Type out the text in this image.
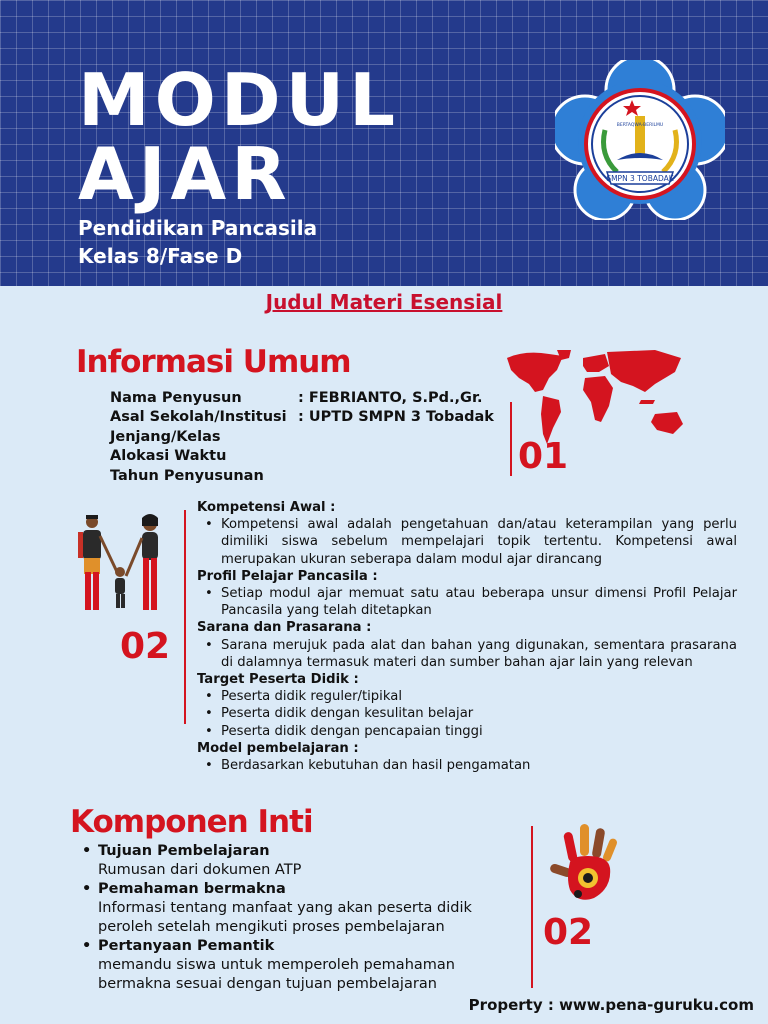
MODUL
AJAR
Pendidikan Pancasila
Kelas 8/Fase D
SMPN 3 TOBADAK
BERTAQWA·BERILMU
Judul Materi Esensial
Informasi Umum
Nama Penyusun	: FEBRIANTO, S.Pd.,Gr.
Asal Sekolah/Institusi : UPTD SMPN 3 Tobadak
Jenjang/Kelas
Alokasi Waktu
Tahun Penyusunan	01
02
Kompetensi Awal :
• Kompetensi awal adalah pengetahuan dan/atau keterampilan yang perlu dimiliki siswa sebelum mempelajari topik tertentu. Kompetensi awal merupakan ukuran seberapa dalam modul ajar dirancang
Profil Pelajar Pancasila :
• Setiap modul ajar memuat satu atau beberapa unsur dimensi Profil Pelajar Pancasila yang telah ditetapkan
Sarana dan Prasarana :
• Sarana merujuk pada alat dan bahan yang digunakan, sementara prasarana di dalamnya termasuk materi dan sumber bahan ajar lain yang relevan
Target Peserta Didik :
• Peserta didik reguler/tipikal
• Peserta didik dengan kesulitan belajar
• Peserta didik dengan pencapaian tinggi
Model pembelajaran :
• Berdasarkan kebutuhan dan hasil pengamatan
Komponen Inti
• Tujuan Pembelajaran
Rumusan dari dokumen ATP
• Pemahaman bermakna
Informasi tentang manfaat yang akan peserta didik peroleh setelah mengikuti proses pembelajaran
• Pertanyaan Pemantik
memandu siswa untuk memperoleh pemahaman bermakna sesuai dengan tujuan pembelajaran
02
Property : www.pena-guruku.com
